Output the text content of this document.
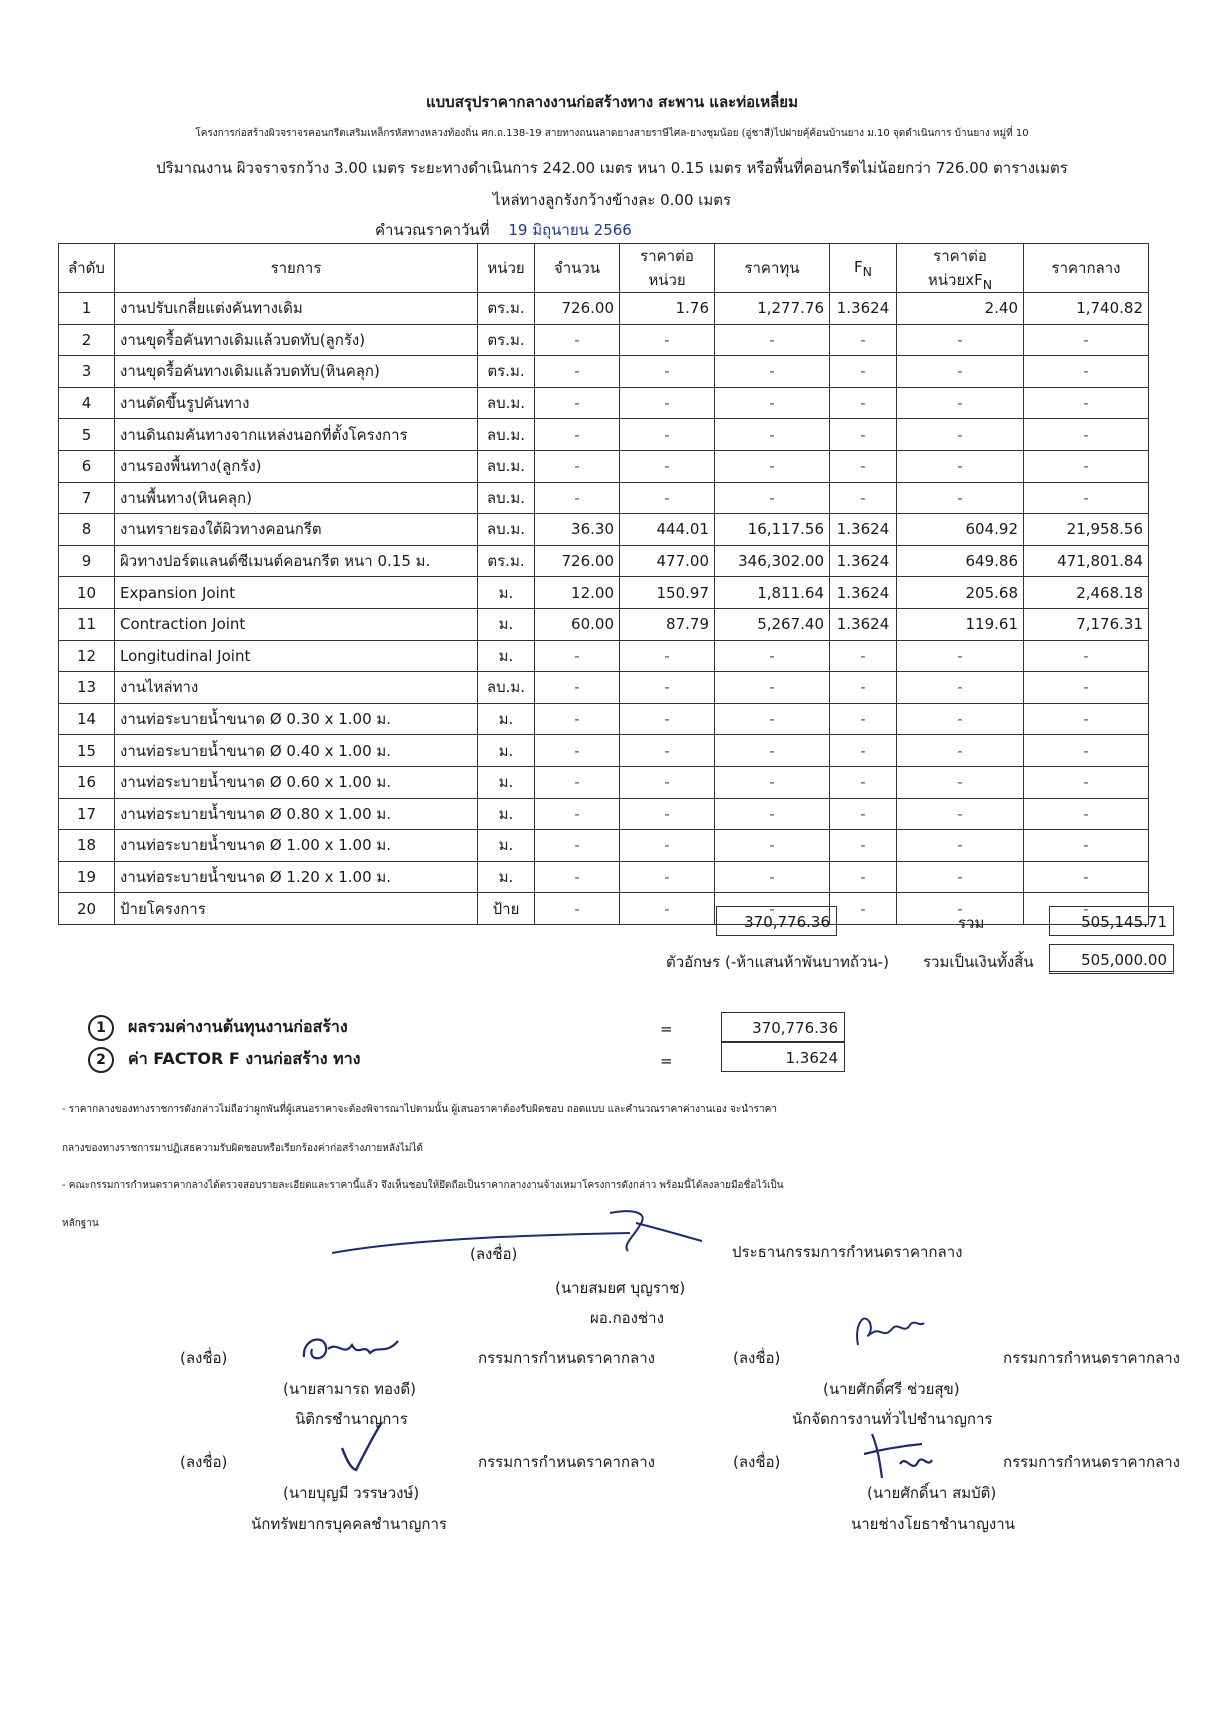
แบบสรุปราคากลางงานก่อสร้างทาง สะพาน และท่อเหลี่ยม
โครงการก่อสร้างผิวจราจรคอนกรีตเสริมเหล็กรหัสทางหลวงท้องถิ่น ศก.ถ.138-19 สายทางถนนลาดยางสายราษีไศล-ยางชุมน้อย (อู่ชาสี)ไปฝายคุ้ค้อนบ้านยาง ม.10 จุดดำเนินการ บ้านยาง หมู่ที่ 10
ปริมาณงาน ผิวจราจรกว้าง 3.00 เมตร ระยะทางดำเนินการ 242.00 เมตร หนา 0.15 เมตร หรือพื้นที่คอนกรีตไม่น้อยกว่า 726.00 ตารางเมตร
ไหล่ทางลูกรังกว้างข้างละ 0.00 เมตร
คำนวณราคาวันที่ 19 มิถุนายน 2566
ลำดับ	รายการ	หน่วย	จำนวน	ราคาต่อหน่วย	ราคาทุน	$F_N$	ราคาต่อหน่วย$xF_N$	ราคากลาง
1	งานปรับเกลี่ยแต่งคันทางเดิม	ตร.ม.	726.00	1.76	1,277.76	1.3624	2.40	1,740.82
2	งานขุดรื้อคันทางเดิมแล้วบดทับ(ลูกรัง)	ตร.ม.	-	-	-	-	-	-
3	งานขุดรื้อคันทางเดิมแล้วบดทับ(หินคลุก)	ตร.ม.	-	-	-	-	-	-
4	งานตัดขึ้นรูปคันทาง	ลบ.ม.	-	-	-	-	-	-
5	งานดินถมคันทางจากแหล่งนอกที่ตั้งโครงการ	ลบ.ม.	-	-	-	-	-	-
6	งานรองพื้นทาง(ลูกรัง)	ลบ.ม.	-	-	-	-	-	-
7	งานพื้นทาง(หินคลุก)	ลบ.ม.	-	-	-	-	-	-
8	งานทรายรองใต้ผิวทางคอนกรีต	ลบ.ม.	36.30	444.01	16,117.56	1.3624	604.92	21,958.56
9	ผิวทางปอร์ตแลนด์ซีเมนต์คอนกรีต หนา 0.15 ม.	ตร.ม.	726.00	477.00	346,302.00	1.3624	649.86	471,801.84
10	Expansion Joint	ม.	12.00	150.97	1,811.64	1.3624	205.68	2,468.18
11	Contraction Joint	ม.	60.00	87.79	5,267.40	1.3624	119.61	7,176.31
12	Longitudinal Joint	ม.	-	-	-	-	-	-
13	งานไหล่ทาง	ลบ.ม.	-	-	-	-	-	-
14	งานท่อระบายน้ำขนาด Ø 0.30 x 1.00 ม.	ม.	-	-	-	-	-	-
15	งานท่อระบายน้ำขนาด Ø 0.40 x 1.00 ม.	ม.	-	-	-	-	-	-
16	งานท่อระบายน้ำขนาด Ø 0.60 x 1.00 ม.	ม.	-	-	-	-	-	-
17	งานท่อระบายน้ำขนาด Ø 0.80 x 1.00 ม.	ม.	-	-	-	-	-	-
18	งานท่อระบายน้ำขนาด Ø 1.00 x 1.00 ม.	ม.	-	-	-	-	-	-
19	งานท่อระบายน้ำขนาด Ø 1.20 x 1.00 ม.	ม.	-	-	-	-	-	-
20	ป้ายโครงการ	ป้าย	-	-	-	-	-	-
370,776.36	รวม	505,145.71
ตัวอักษร (-ห้าแสนห้าพันบาทถ้วน-) รวมเป็นเงินทั้งสิ้น	505,000.00
1 ผลรวมค่างานต้นทุนงานก่อสร้าง	=	370,776.36
2 ค่า FACTOR F งานก่อสร้าง ทาง	=	1.3624
- ราคากลางของทางราชการดังกล่าวไม่ถือว่าผูกพันที่ผู้เสนอราคาจะต้องพิจารณาไปตามนั้น ผู้เสนอราคาต้องรับผิดชอบ ถอดแบบ และคำนวณราคาค่างานเอง จะนำราคา
กลางของทางราชการมาปฏิเสธความรับผิดชอบหรือเรียกร้องค่าก่อสร้างภายหลังไม่ได้
- คณะกรรมการกำหนดราคากลางได้ตรวจสอบรายละเอียดและราคานี้แล้ว จึงเห็นชอบให้ยึดถือเป็นราคากลางงานจ้างเหมาโครงการดังกล่าว พร้อมนี้ได้ลงลายมือชื่อไว้เป็น
หลักฐาน
(ลงชื่อ)	ประธานกรรมการกำหนดราคากลาง
(นายสมยศ บุญราช)
ผอ.กองช่าง
(ลงชื่อ)	กรรมการกำหนดราคากลาง
(นายสามารถ ทองดี)
นิติกรชำนาญการ
(ลงชื่อ)	กรรมการกำหนดราคากลาง
(นายศักดิ์ศรี ช่วยสุข)
นักจัดการงานทั่วไปชำนาญการ
(ลงชื่อ)	กรรมการกำหนดราคากลาง
(นายบุญมี วรรษวงษ์)
นักทรัพยากรบุคคลชำนาญการ
(ลงชื่อ)	กรรมการกำหนดราคากลาง
(นายศักดิ์นา สมบัติ)
นายช่างโยธาชำนาญงาน
